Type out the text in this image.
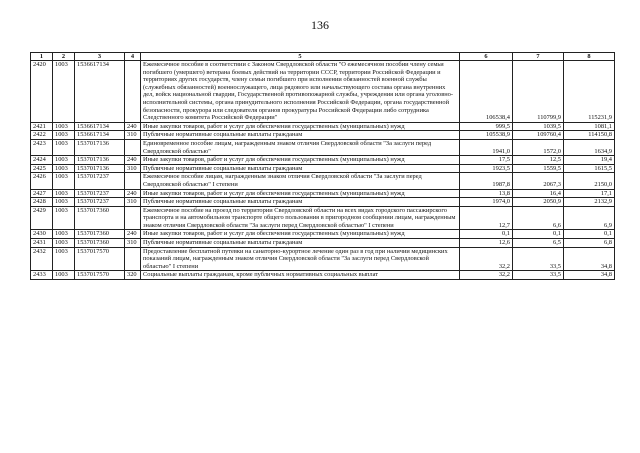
136
1	2	3	4	5	6	7	8
2420	1003	1536617134		Ежемесячное пособие в соответствии с Законом Свердловской области "О ежемесячном пособии члену семьи погибшего (умершего) ветерана боевых действий на территории СССР, территории Российской Федерации и территориях других государств, члену семьи погибшего при исполнении обязанностей военной службы (служебных обязанностей) военнослужащего, лица рядового или начальствующего состава органа внутренних дел, войск национальной гвардии, Государственной противопожарной службы, учреждения или органа уголовно-исполнительной системы, органа принудительного исполнения Российской Федерации, органа государственной безопасности, прокурора или следователя органов прокуратуры Российской Федерации либо сотрудника Следственного комитета Российской Федерации"	106538,4	110799,9	115231,9
2421	1003	1536617134	240	Иные закупки товаров, работ и услуг для обеспечения государственных (муниципальных) нужд	999,5	1039,5	1081,1
2422	1003	1536617134	310	Публичные нормативные социальные выплаты гражданам	105538,9	109760,4	114150,8
2423	1003	1537017136		Единовременное пособие лицам, награжденным знаком отличия Свердловской области "За заслуги перед Свердловской областью"	1941,0	1572,0	1634,9
2424	1003	1537017136	240	Иные закупки товаров, работ и услуг для обеспечения государственных (муниципальных) нужд	17,5	12,5	19,4
2425	1003	1537017136	310	Публичные нормативные социальные выплаты гражданам	1923,5	1559,5	1615,5
2426	1003	1537017237		Ежемесячное пособие лицам, награжденным знаком отличия Свердловской области "За заслуги перед Свердловской областью" I степени	1987,8	2067,3	2150,0
2427	1003	1537017237	240	Иные закупки товаров, работ и услуг для обеспечения государственных (муниципальных) нужд	13,8	16,4	17,1
2428	1003	1537017237	310	Публичные нормативные социальные выплаты гражданам	1974,0	2050,9	2132,9
2429	1003	1537017360		Ежемесячное пособие на проезд по территории Свердловской области на всех видах городского пассажирского транспорта и на автомобильном транспорте общего пользования в пригородном сообщении лицам, награжденным знаком отличия Свердловской области "За заслуги перед Свердловской областью" I степени	12,7	6,6	6,9
2430	1003	1537017360	240	Иные закупки товаров, работ и услуг для обеспечения государственных (муниципальных) нужд	0,1	0,1	0,1
2431	1003	1537017360	310	Публичные нормативные социальные выплаты гражданам	12,6	6,5	6,8
2432	1003	1537017570		Предоставление бесплатной путевки на санаторно-курортное лечение один раз в год при наличии медицинских показаний лицам, награжденным знаком отличия Свердловской области "За заслуги перед Свердловской областью" I степени	32,2	33,5	34,8
2433	1003	1537017570	320	Социальные выплаты гражданам, кроме публичных нормативных социальных выплат	32,2	33,5	34,8
